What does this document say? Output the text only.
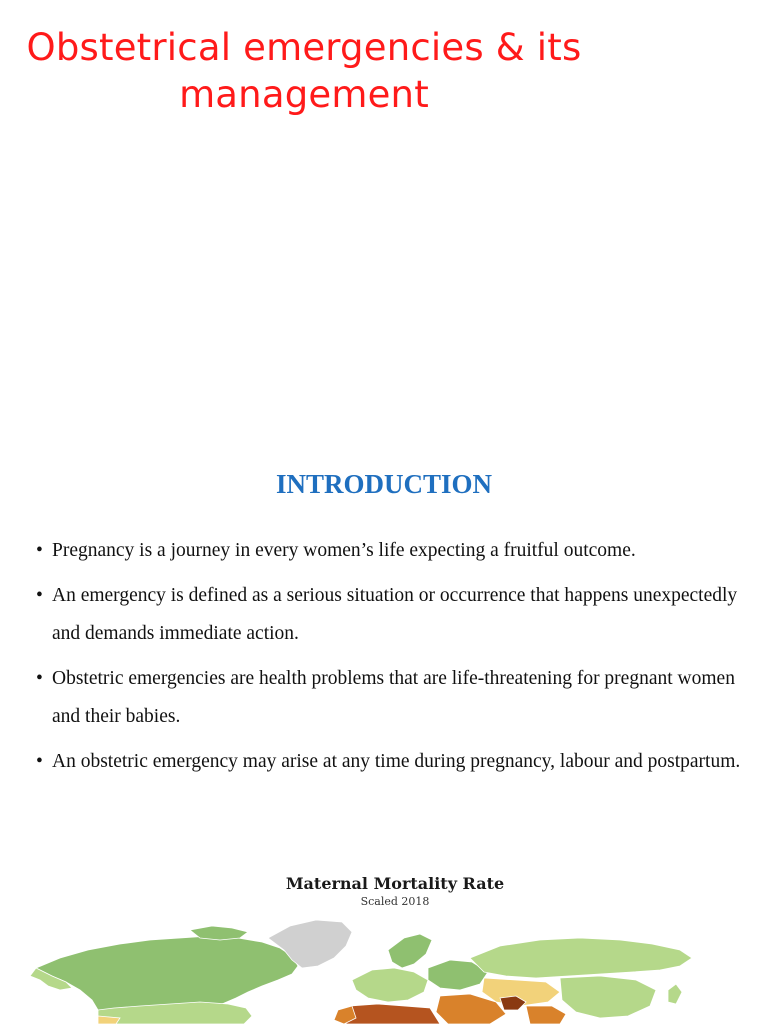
Obstetrical emergencies & its management
INTRODUCTION
• Pregnancy is a journey in every women’s life expecting a fruitful outcome.
• An emergency is defined as a serious situation or occurrence that happens unexpectedly and demands immediate action.
• Obstetric emergencies are health problems that are life-threatening for pregnant women and their babies.
• An obstetric emergency may arise at any time during pregnancy, labour and postpartum.
Maternal Mortality Rate
Scaled 2018
